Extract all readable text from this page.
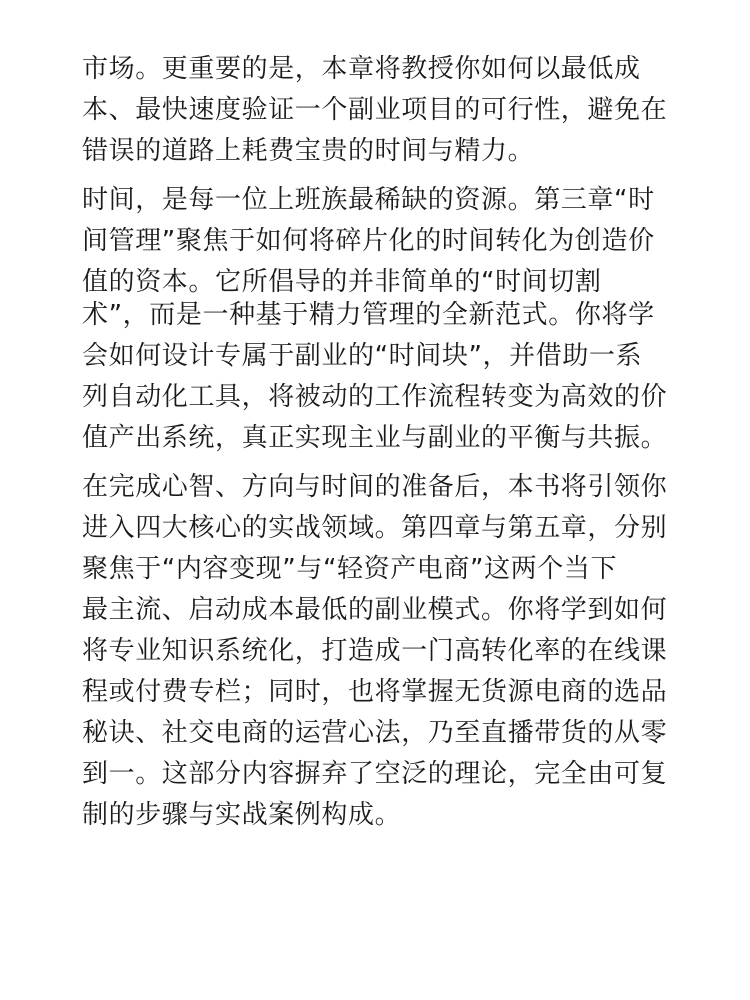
市场。更重要的是，本章将教授你如何以最低成

本、最快速度验证一个副业项目的可行性，避免在

错误的道路上耗费宝贵的时间与精力。

时间，是每一位上班族最稀缺的资源。第三章“时

间管理”聚焦于如何将碎片化的时间转化为创造价

值的资本。它所倡导的并非简单的“时间切割

术”，而是一种基于精力管理的全新范式。你将学

会如何设计专属于副业的“时间块”，并借助一系

列自动化工具，将被动的工作流程转变为高效的价

值产出系统，真正实现主业与副业的平衡与共振。

在完成心智、方向与时间的准备后，本书将引领你

进入四大核心的实战领域。第四章与第五章，分别

聚焦于“内容变现”与“轻资产电商”这两个当下

最主流、启动成本最低的副业模式。你将学到如何

将专业知识系统化，打造成一门高转化率的在线课

程或付费专栏；同时，也将掌握无货源电商的选品

秘诀、社交电商的运营心法，乃至直播带货的从零

到一。这部分内容摒弃了空泛的理论，完全由可复

制的步骤与实战案例构成。
